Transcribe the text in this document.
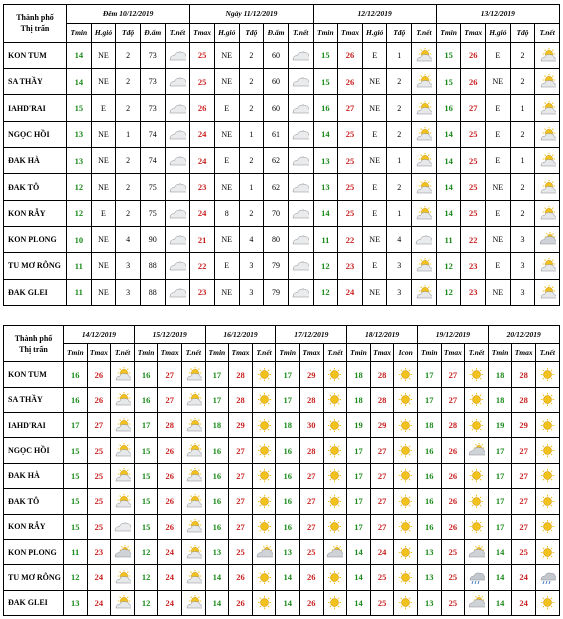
Thành phố
Thị trấn	Đêm 10/12/2019					Ngày 11/12/2019					12/12/2019					13/12/2019				
	Tmin	H.gió	Tđộ	Đ.ẩm	T.nết	Tmax	H.gió	Tđộ	Đ.ẩm	T.nết	Tmin	Tmax	H.gió	Tđộ	T.nết	Tmin	Tmax	H.gió	Tđộ	T.nết
KON TUM	14	NE	2	73		25	NE	2	60		15	26	E	1		15	26	E	2	

SA THẦY	14	NE	2	73		25	NE	2	60		15	26	NE	2		15	26	NE	2	

IAHD'RAI	15	E	2	73		26	E	2	60		16	27	NE	2		16	27	E	1	

NGỌC HỒI	13	NE	1	74		24	NE	1	61		14	25	E	2		14	25	E	2	

ĐAK HÀ	13	NE	2	74		24	E	2	62		13	25	NE	1		14	25	E	1	

ĐAK TÔ	12	NE	2	75		23	NE	1	62		13	25	E	2		14	25	NE	2	

KON RẪY	12	E	2	75		24	8	2	70		14	25	E	1		14	25	E	2	

KON PLONG	10	NE	4	90		21	NE	4	80		11	22	NE	4		11	22	NE	3	

TU MƠ RÔNG	11	NE	3	88		22	E	3	79		12	23	E	3		12	23	E	3	

ĐAK GLEI	11	NE	3	88		23	NE	3	79		12	24	NE	3		12	23	NE	3	
Thành phố
Thị trấn	14/12/2019			15/12/2019			16/12/2019			17/12/2019			18/12/2019			19/12/2019			20/12/2019		
	Tmin	Tmax	T.nết	Tmin	Tmax	T.nết	Tmin	Tmax	T.nết	Tmin	Tmax	T.nết	Tmin	Tmax	Icon	Tmin	Tmax	T.nết	Tmin	Tmax	T.nết
KON TUM	16	26		16	27		17	28		17	29		18	28		17	27		18	28	

SA THẦY	16	26		16	27		17	28		17	28		18	28		17	27		18	28	

IAHD'RAI	17	27		17	28		18	29		18	30		19	29		18	28		19	29	

NGỌC HỒI	15	25		15	26		16	27		16	28		17	27		16	26		17	27	

ĐAK HÀ	15	25		15	26		16	27		16	27		17	27		16	26		17	27	

ĐAK TÔ	15	25		15	26		16	27		16	27		17	27		16	26		17	27	

KON RẪY	15	25		15	26		16	27		16	27		17	27		16	26		17	27	

KON PLONG	11	23		12	24		13	25		13	25		14	24		13	25		14	25	

TU MƠ RÔNG	12	24		12	24		14	26		14	26		14	25		13	25		14	24	

ĐAK GLEI	13	24		12	24		14	26		14	26		14	25		13	25		14	24	
